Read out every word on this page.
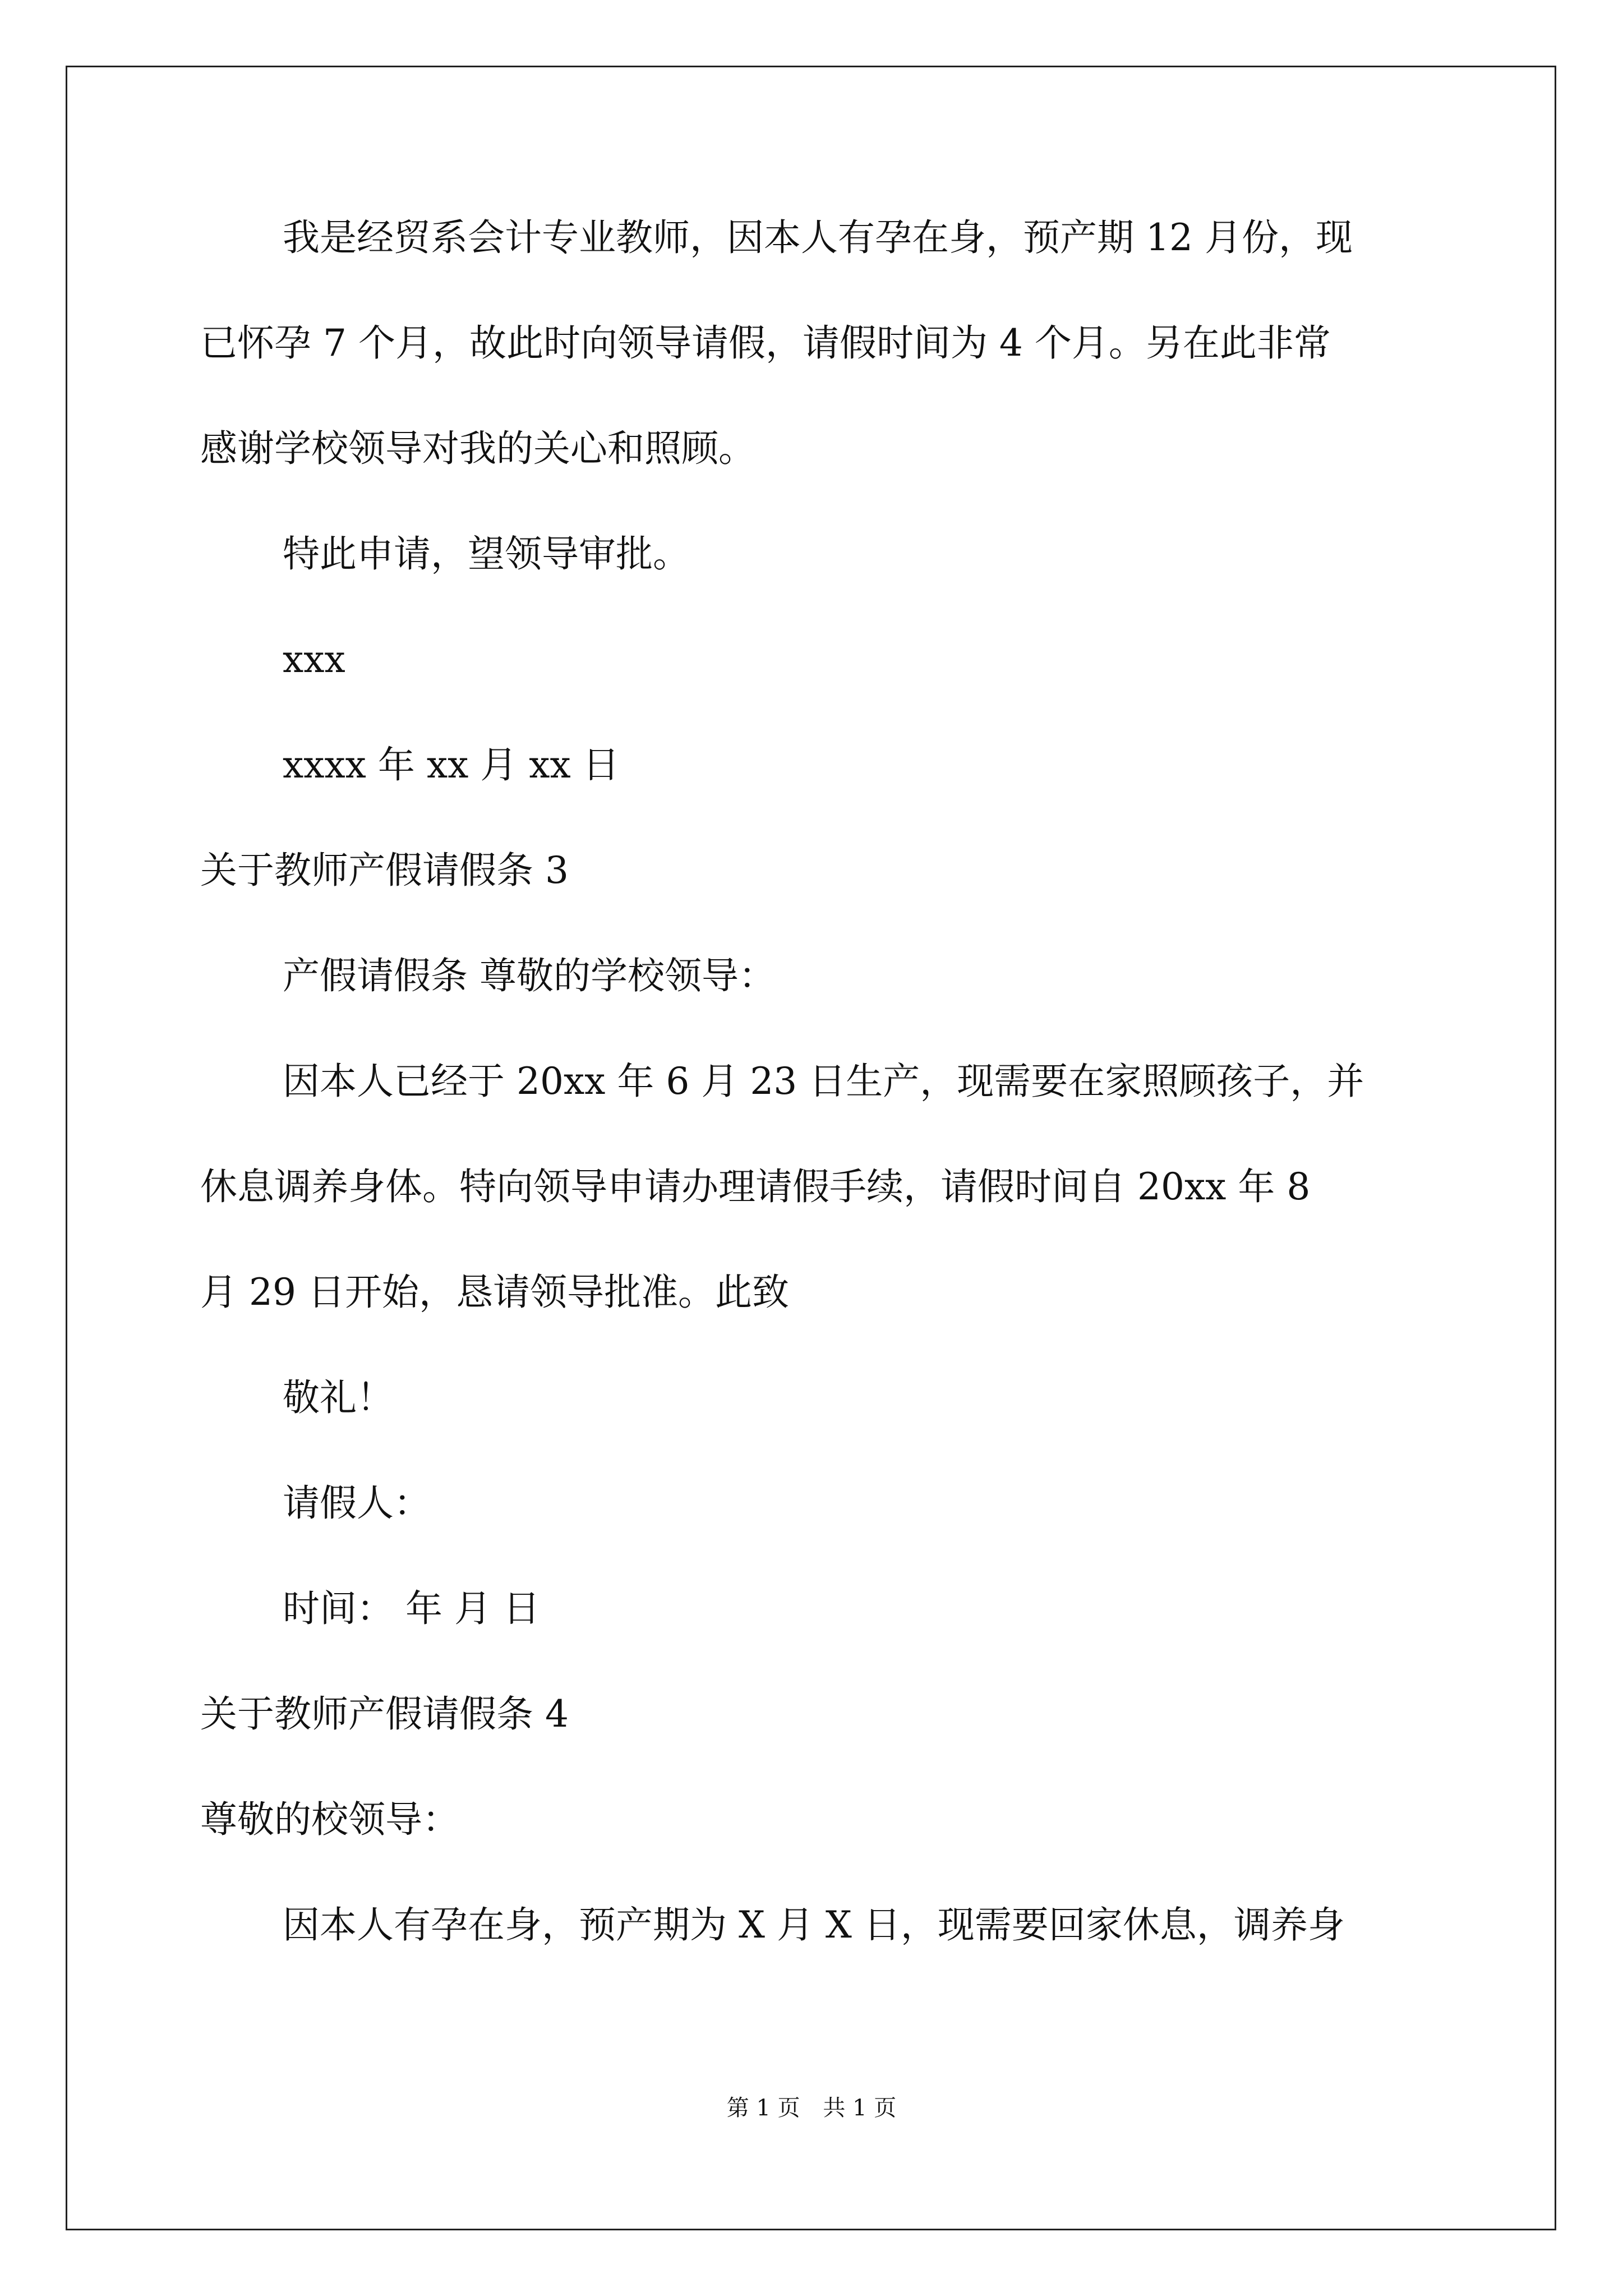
我是经贸系会计专业教师，因本人有孕在身，预产期 12 月份，现
已怀孕 7 个月，故此时向领导请假，请假时间为 4 个月。另在此非常
感谢学校领导对我的关心和照顾。
特此申请，望领导审批。
xxx
xxxx 年 xx 月 xx 日
关于教师产假请假条 3
产假请假条 尊敬的学校领导：
因本人已经于 20xx 年 6 月 23 日生产，现需要在家照顾孩子，并
休息调养身体。特向领导申请办理请假手续，请假时间自 20xx 年 8
月 29 日开始，恳请领导批准。此致
敬礼！
请假人：
时间： 年 月 日
关于教师产假请假条 4
尊敬的校领导：
因本人有孕在身，预产期为 X 月 X 日，现需要回家休息，调养身
第 1 页 共 1 页
